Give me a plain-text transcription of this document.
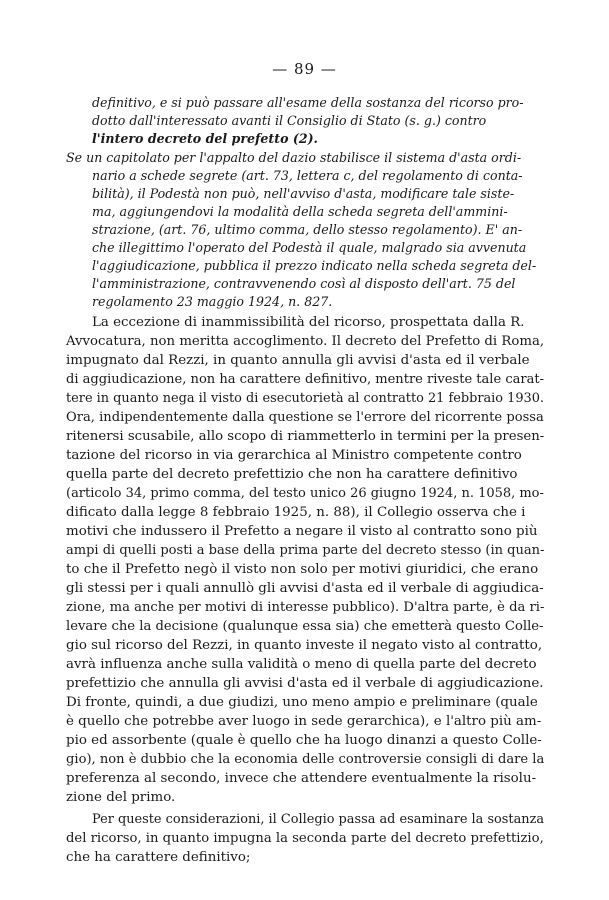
— 89 —
definitivo, e si può passare all'esame della sostanza del ricorso pro-
dotto dall'interessato avanti il Consiglio di Stato (s. g.) contro
l'intero decreto del prefetto (2).
Se un capitolato per l'appalto del dazio stabilisce il sistema d'asta ordi-
nario a schede segrete (art. 73, lettera c, del regolamento di conta-
bilità), il Podestà non può, nell'avviso d'asta, modificare tale siste-
ma, aggiungendovi la modalità della scheda segreta dell'ammini-
strazione, (art. 76, ultimo comma, dello stesso regolamento). E' an-
che illegittimo l'operato del Podestà il quale, malgrado sia avvenuta
l'aggiudicazione, pubblica il prezzo indicato nella scheda segreta del-
l'amministrazione, contravvenendo così al disposto dell'art. 75 del
regolamento 23 maggio 1924, n. 827.
La eccezione di inammissibilità del ricorso, prospettata dalla R.
Avvocatura, non meritta accoglimento. Il decreto del Prefetto di Roma,
impugnato dal Rezzi, in quanto annulla gli avvisi d'asta ed il verbale
di aggiudicazione, non ha carattere definitivo, mentre riveste tale carat-
tere in quanto nega il visto di esecutorietà al contratto 21 febbraio 1930.
Ora, indipendentemente dalla questione se l'errore del ricorrente possa
ritenersi scusabile, allo scopo di riammetterlo in termini per la presen-
tazione del ricorso in via gerarchica al Ministro competente contro
quella parte del decreto prefettizio che non ha carattere definitivo
(articolo 34, primo comma, del testo unico 26 giugno 1924, n. 1058, mo-
dificato dalla legge 8 febbraio 1925, n. 88), il Collegio osserva che i
motivi che indussero il Prefetto a negare il visto al contratto sono più
ampi di quelli posti a base della prima parte del decreto stesso (in quan-
to che il Prefetto negò il visto non solo per motivi giuridici, che erano
gli stessi per i quali annullò gli avvisi d'asta ed il verbale di aggiudica-
zione, ma anche per motivi di interesse pubblico). D'altra parte, è da ri-
levare che la decisione (qualunque essa sia) che emetterà questo Colle-
gio sul ricorso del Rezzi, in quanto investe il negato visto al contratto,
avrà influenza anche sulla validità o meno di quella parte del decreto
prefettizio che annulla gli avvisi d'asta ed il verbale di aggiudicazione.
Di fronte, quindi, a due giudizi, uno meno ampio e preliminare (quale
è quello che potrebbe aver luogo in sede gerarchica), e l'altro più am-
pio ed assorbente (quale è quello che ha luogo dinanzi a questo Colle-
gio), non è dubbio che la economia delle controversie consigli di dare la
preferenza al secondo, invece che attendere eventualmente la risolu-
zione del primo.
Per queste considerazioni, il Collegio passa ad esaminare la sostanza
del ricorso, in quanto impugna la seconda parte del decreto prefettizio,
che ha carattere definitivo;
